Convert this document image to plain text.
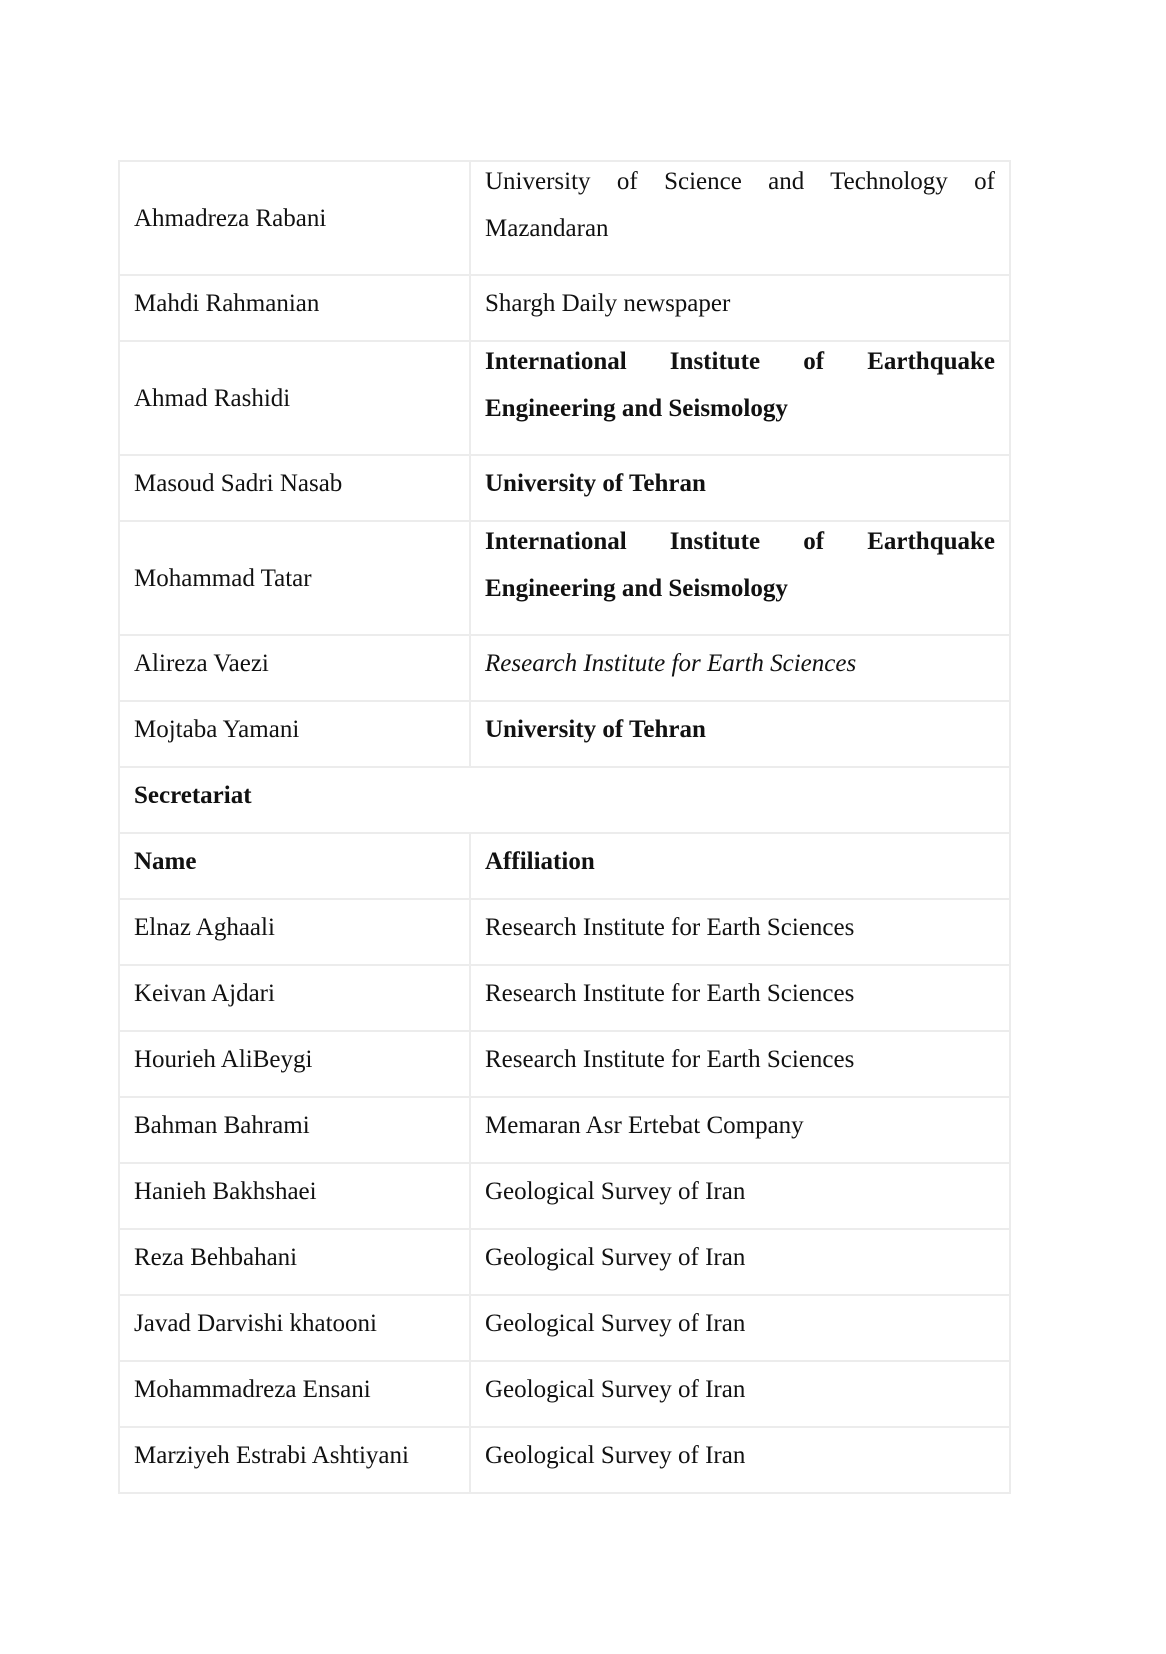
Ahmadreza Rabani	University of Science and Technology of Mazandaran

Mahdi Rahmanian	Shargh Daily newspaper

Ahmad Rashidi	International Institute of Earthquake Engineering and Seismology

Masoud Sadri Nasab	University of Tehran

Mohammad Tatar	International Institute of Earthquake Engineering and Seismology

Alireza Vaezi	Research Institute for Earth Sciences

Mojtaba Yamani	University of Tehran

Secretariat	

Name	Affiliation

Elnaz Aghaali	Research Institute for Earth Sciences

Keivan Ajdari	Research Institute for Earth Sciences

Hourieh AliBeygi	Research Institute for Earth Sciences

Bahman Bahrami	Memaran Asr Ertebat Company

Hanieh Bakhshaei	Geological Survey of Iran

Reza Behbahani	Geological Survey of Iran

Javad Darvishi khatooni	Geological Survey of Iran

Mohammadreza Ensani	Geological Survey of Iran

Marziyeh Estrabi Ashtiyani	Geological Survey of Iran
